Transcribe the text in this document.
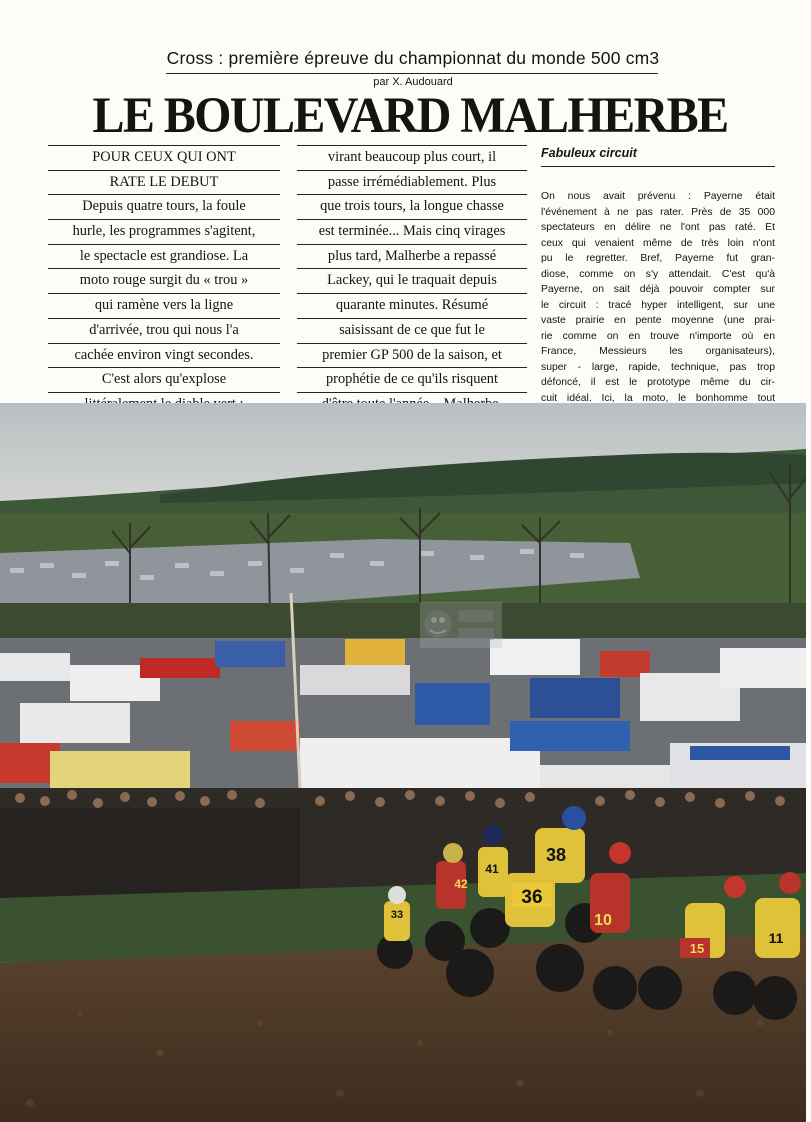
Cross : première épreuve du championnat du monde 500 cm3
par X. Audouard
LE BOULEVARD MALHERBE
POUR CEUX QUI ONT
RATE LE DEBUT
Depuis quatre tours, la foule
hurle, les programmes s'agitent,
le spectacle est grandiose. La
moto rouge surgit du « trou »
qui ramène vers la ligne
d'arrivée, trou qui nous l'a
cachée environ vingt secondes.
C'est alors qu'explose
virant beaucoup plus court, il
passe irrémédiablement. Plus
que trois tours, la longue chasse
est terminée... Mais cinq virages
plus tard, Malherbe a repassé
Lackey, qui le traquait depuis
quarante minutes. Résumé
saisissant de ce que fut le
premier GP 500 de la saison, et
prophétie de ce qu'ils risquent
Fabuleux circuit
On nous avait prévenu : Payerne était
l'événement à ne pas rater. Près de 35 000
spectateurs en délire ne l'ont pas raté. Et
ceux qui venaient même de très loin n'ont
pu le regretter. Bref, Payerne fut gran-
diose, comme on s'y attendait. C'est qu'à
Payerne, on sait déjà pouvoir compter sur
le circuit : tracé hyper intelligent, sur une
vaste prairie en pente moyenne (une prai-
rie comme on en trouve n'importe où en
France, Messieurs les organisateurs),
super - large, rapide, technique, pas trop
défoncé, il est le prototype même du cir-
cuit idéal. Ici, la moto, le bonhomme tout
33
42
41
36
38
10
15
11
